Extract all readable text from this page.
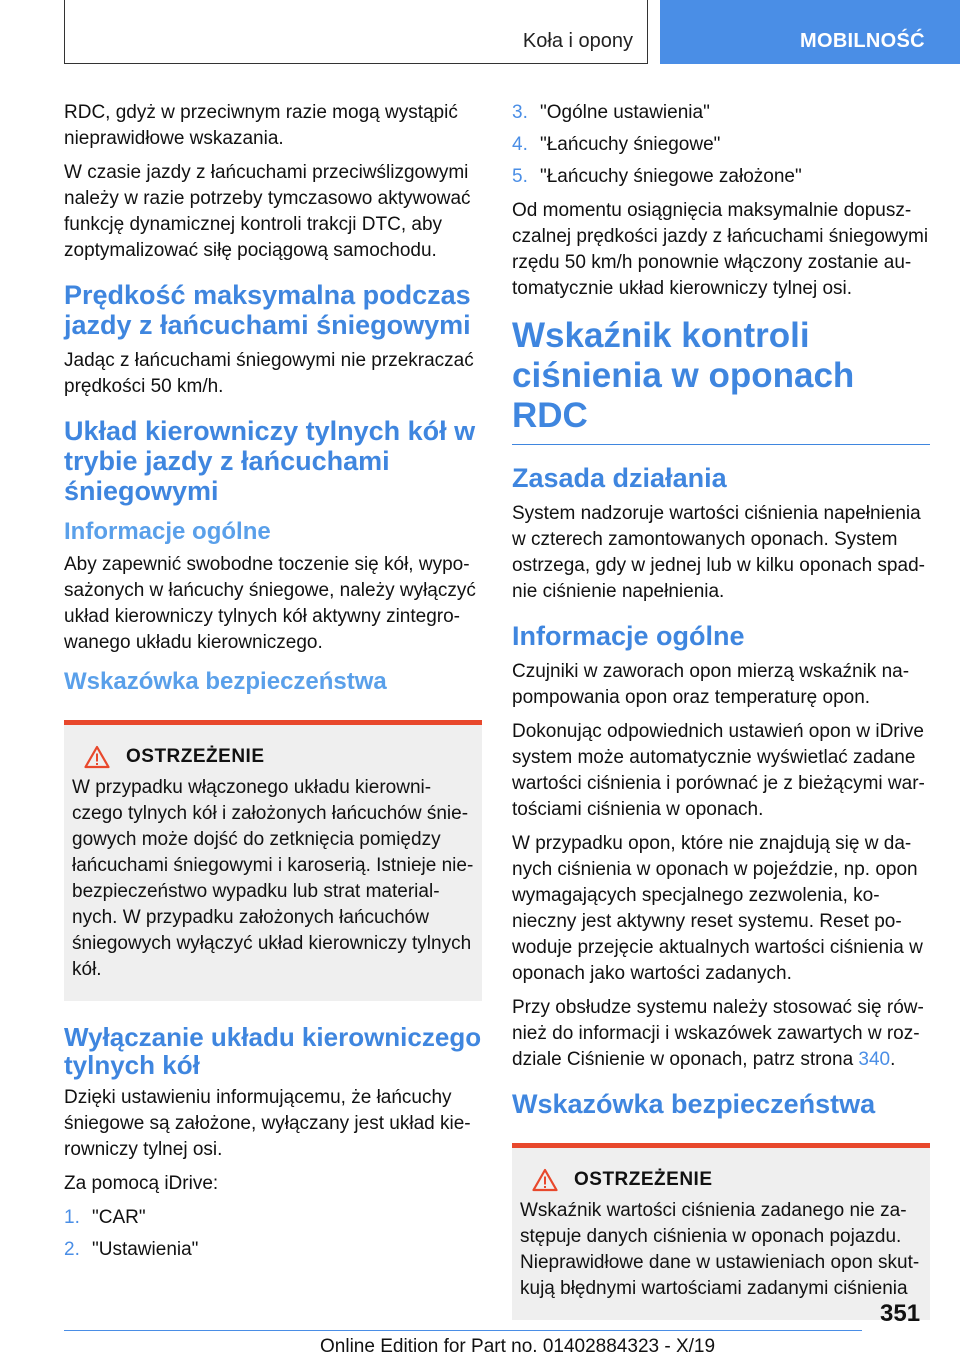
Koła i opony	MOBILNOŚĆ

RDC, gdyż w przeciwnym razie mogą wystąpić nieprawidłowe wskazania.

W czasie jazdy z łańcuchami przeciwślizgowymi należy w razie potrzeby tymczasowo aktywować funkcję dynamicznej kontroli trakcji DTC, aby zoptymalizować siłę pociągową samochodu.

Prędkość maksymalna podczas jazdy z łańcuchami śniegowymi

Jadąc z łańcuchami śniegowymi nie przekraczać prędkości 50 km/h.

Układ kierowniczy tylnych kół w trybie jazdy z łańcuchami śniegowymi
Informacje ogólne

Aby zapewnić swobodne toczenie się kół, wyposażonych w łańcuchy śniegowe, należy wyłączyć układ kierowniczy tylnych kół aktywny zintegrowanego układu kierowniczego.

Wskazówka bezpieczeństwa
OSTRZEŻENIE

W przypadku włączonego układu kierowniczego tylnych kół i założonych łańcuchów śniegowych może dojść do zetknięcia pomiędzy łańcuchami śniegowymi i karoserią. Istnieje niebezpieczeństwo wypadku lub strat materialnych. W przypadku założonych łańcuchów śniegowych wyłączyć układ kierowniczy tylnych kół.

Wyłączanie układu kierowniczego tylnych kół

Dzięki ustawieniu informującemu, że łańcuchy śniegowe są założone, wyłączany jest układ kierowniczy tylnej osi.

Za pomocą iDrive:

1. "CAR"
2. "Ustawienia"
3. "Ogólne ustawienia"
4. "Łańcuchy śniegowe"
5. "Łańcuchy śniegowe założone"

Od momentu osiągnięcia maksymalnie dopuszczalnej prędkości jazdy z łańcuchami śniegowymi rzędu 50 km/h ponownie włączony zostanie automatycznie układ kierowniczy tylnej osi.

Wskaźnik kontroli ciśnienia w oponach RDC
Zasada działania

System nadzoruje wartości ciśnienia napełnienia w czterech zamontowanych oponach. System ostrzega, gdy w jednej lub w kilku oponach spadnie ciśnienie napełnienia.

Informacje ogólne

Czujniki w zaworach opon mierzą wskaźnik napompowania opon oraz temperaturę opon.

Dokonując odpowiednich ustawień opon w iDrive system może automatycznie wyświetlać zadane wartości ciśnienia i porównać je z bieżącymi wartościami ciśnienia w oponach.

W przypadku opon, które nie znajdują się w danych ciśnienia w oponach w pojeździe, np. opon wymagających specjalnego zezwolenia, konieczny jest aktywny reset systemu. Reset powoduje przejęcie aktualnych wartości ciśnienia w oponach jako wartości zadanych.

Przy obsłudze systemu należy stosować się również do informacji i wskazówek zawartych w rozdziale Ciśnienie w oponach, patrz strona 340.

Wskazówka bezpieczeństwa
OSTRZEŻENIE

Wskaźnik wartości ciśnienia zadanego nie zastępuje danych ciśnienia w oponach pojazdu. Nieprawidłowe dane w ustawieniach opon skutkują błędnymi wartościami zadanymi ciśnienia

351
Online Edition for Part no. 01402884323 - X/19
